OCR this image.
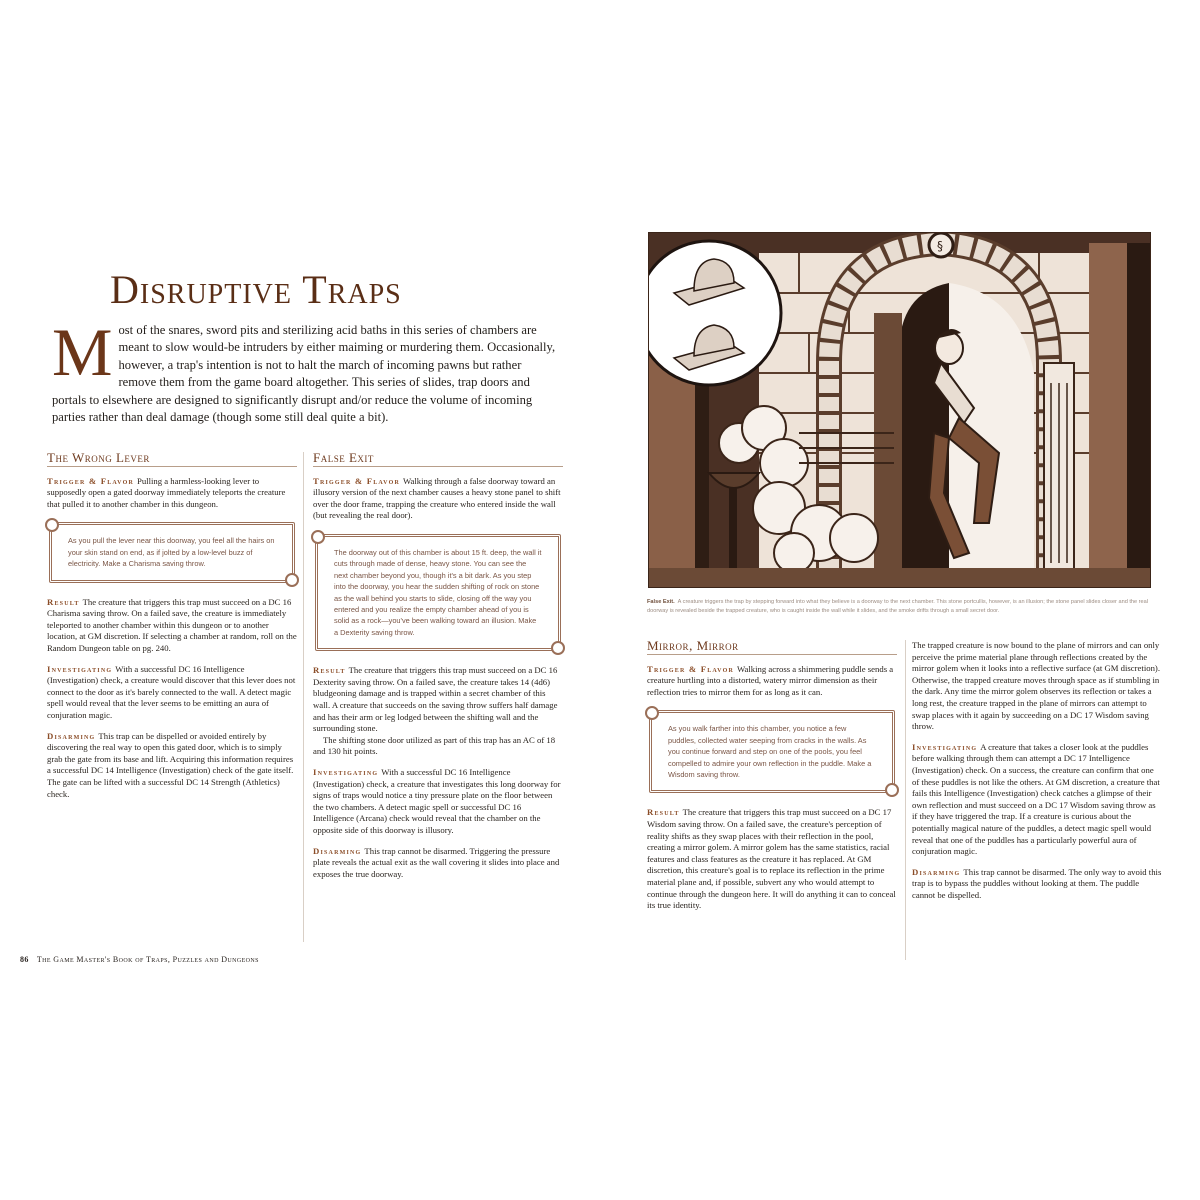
Disruptive Traps
Most of the snares, sword pits and sterilizing acid baths in this series of chambers are meant to slow would-be intruders by either maiming or murdering them. Occasionally, however, a trap's intention is not to halt the march of incoming pawns but rather remove them from the game board altogether. This series of slides, trap doors and portals to elsewhere are designed to significantly disrupt and/or reduce the volume of incoming parties rather than deal damage (though some still deal quite a bit).
The Wrong Lever

Trigger & Flavor Pulling a harmless-looking lever to supposedly open a gated doorway immediately teleports the creature that pulled it to another chamber in this dungeon.

As you pull the lever near this doorway, you feel all the hairs on your skin stand on end, as if jolted by a low-level buzz of electricity. Make a Charisma saving throw.

Result The creature that triggers this trap must succeed on a DC 16 Charisma saving throw. On a failed save, the creature is immediately teleported to another chamber within this dungeon or to another location, at GM discretion. If selecting a chamber at random, roll on the Random Dungeon table on pg. 240.

Investigating With a successful DC 16 Intelligence (Investigation) check, a creature would discover that this lever does not connect to the door as it's barely connected to the wall. A detect magic spell would reveal that the lever seems to be emitting an aura of conjuration magic.

Disarming This trap can be dispelled or avoided entirely by discovering the real way to open this gated door, which is to simply grab the gate from its base and lift. Acquiring this information requires a successful DC 14 Intelligence (Investigation) check of the gate itself. The gate can be lifted with a successful DC 14 Strength (Athletics) check.

False Exit

Trigger & Flavor Walking through a false doorway toward an illusory version of the next chamber causes a heavy stone panel to shift over the door frame, trapping the creature who entered inside the wall (but revealing the real door).

The doorway out of this chamber is about 15 ft. deep, the wall it cuts through made of dense, heavy stone. You can see the next chamber beyond you, though it's a bit dark. As you step into the doorway, you hear the sudden shifting of rock on stone as the wall behind you starts to slide, closing off the way you entered and you realize the empty chamber ahead of you is solid as a rock—you've been walking toward an illusion. Make a Dexterity saving throw.

Result The creature that triggers this trap must succeed on a DC 16 Dexterity saving throw. On a failed save, the creature takes 14 (4d6) bludgeoning damage and is trapped within a secret chamber of this wall. A creature that succeeds on the saving throw suffers half damage and has their arm or leg lodged between the shifting wall and the surrounding stone.

The shifting stone door utilized as part of this trap has an AC of 18 and 130 hit points.

Investigating With a successful DC 16 Intelligence (Investigation) check, a creature that investigates this long doorway for signs of traps would notice a tiny pressure plate on the floor between the two chambers. A detect magic spell or successful DC 16 Intelligence (Arcana) check would reveal that the chamber on the opposite side of this doorway is illusory.

Disarming This trap cannot be disarmed. Triggering the pressure plate reveals the actual exit as the wall covering it slides into place and exposes the true doorway.

86 The Game Master's Book of Traps, Puzzles and Dungeons
§
False Exit. A creature triggers the trap by stepping forward into what they believe is a doorway to the next chamber. This stone portcullis, however, is an illusion; the stone panel slides closer and the real doorway is revealed beside the trapped creature, who is caught inside the wall while it slides, and the smoke drifts through a small secret door.
Mirror, Mirror

Trigger & Flavor Walking across a shimmering puddle sends a creature hurtling into a distorted, watery mirror dimension as their reflection tries to mirror them for as long as it can.

As you walk farther into this chamber, you notice a few puddles, collected water seeping from cracks in the walls. As you continue forward and step on one of the pools, you feel compelled to admire your own reflection in the puddle. Make a Wisdom saving throw.

Result The creature that triggers this trap must succeed on a DC 17 Wisdom saving throw. On a failed save, the creature's perception of reality shifts as they swap places with their reflection in the pool, creating a mirror golem. A mirror golem has the same statistics, racial features and class features as the creature it has replaced. At GM discretion, this creature's goal is to replace its reflection in the prime material plane and, if possible, subvert any who would attempt to continue through the dungeon here. It will do anything it can to conceal its true identity.

The trapped creature is now bound to the plane of mirrors and can only perceive the prime material plane through reflections created by the mirror golem when it looks into a reflective surface (at GM discretion). Otherwise, the trapped creature moves through space as if stumbling in the dark. Any time the mirror golem observes its reflection or takes a long rest, the creature trapped in the plane of mirrors can attempt to swap places with it again by succeeding on a DC 17 Wisdom saving throw.

Investigating A creature that takes a closer look at the puddles before walking through them can attempt a DC 17 Intelligence (Investigation) check. On a success, the creature can confirm that one of these puddles is not like the others. At GM discretion, a creature that fails this Intelligence (Investigation) check catches a glimpse of their own reflection and must succeed on a DC 17 Wisdom saving throw as if they have triggered the trap. If a creature is curious about the potentially magical nature of the puddles, a detect magic spell would reveal that one of the puddles has a particularly powerful aura of conjuration magic.

Disarming This trap cannot be disarmed. The only way to avoid this trap is to bypass the puddles without looking at them. The puddle cannot be dispelled.
